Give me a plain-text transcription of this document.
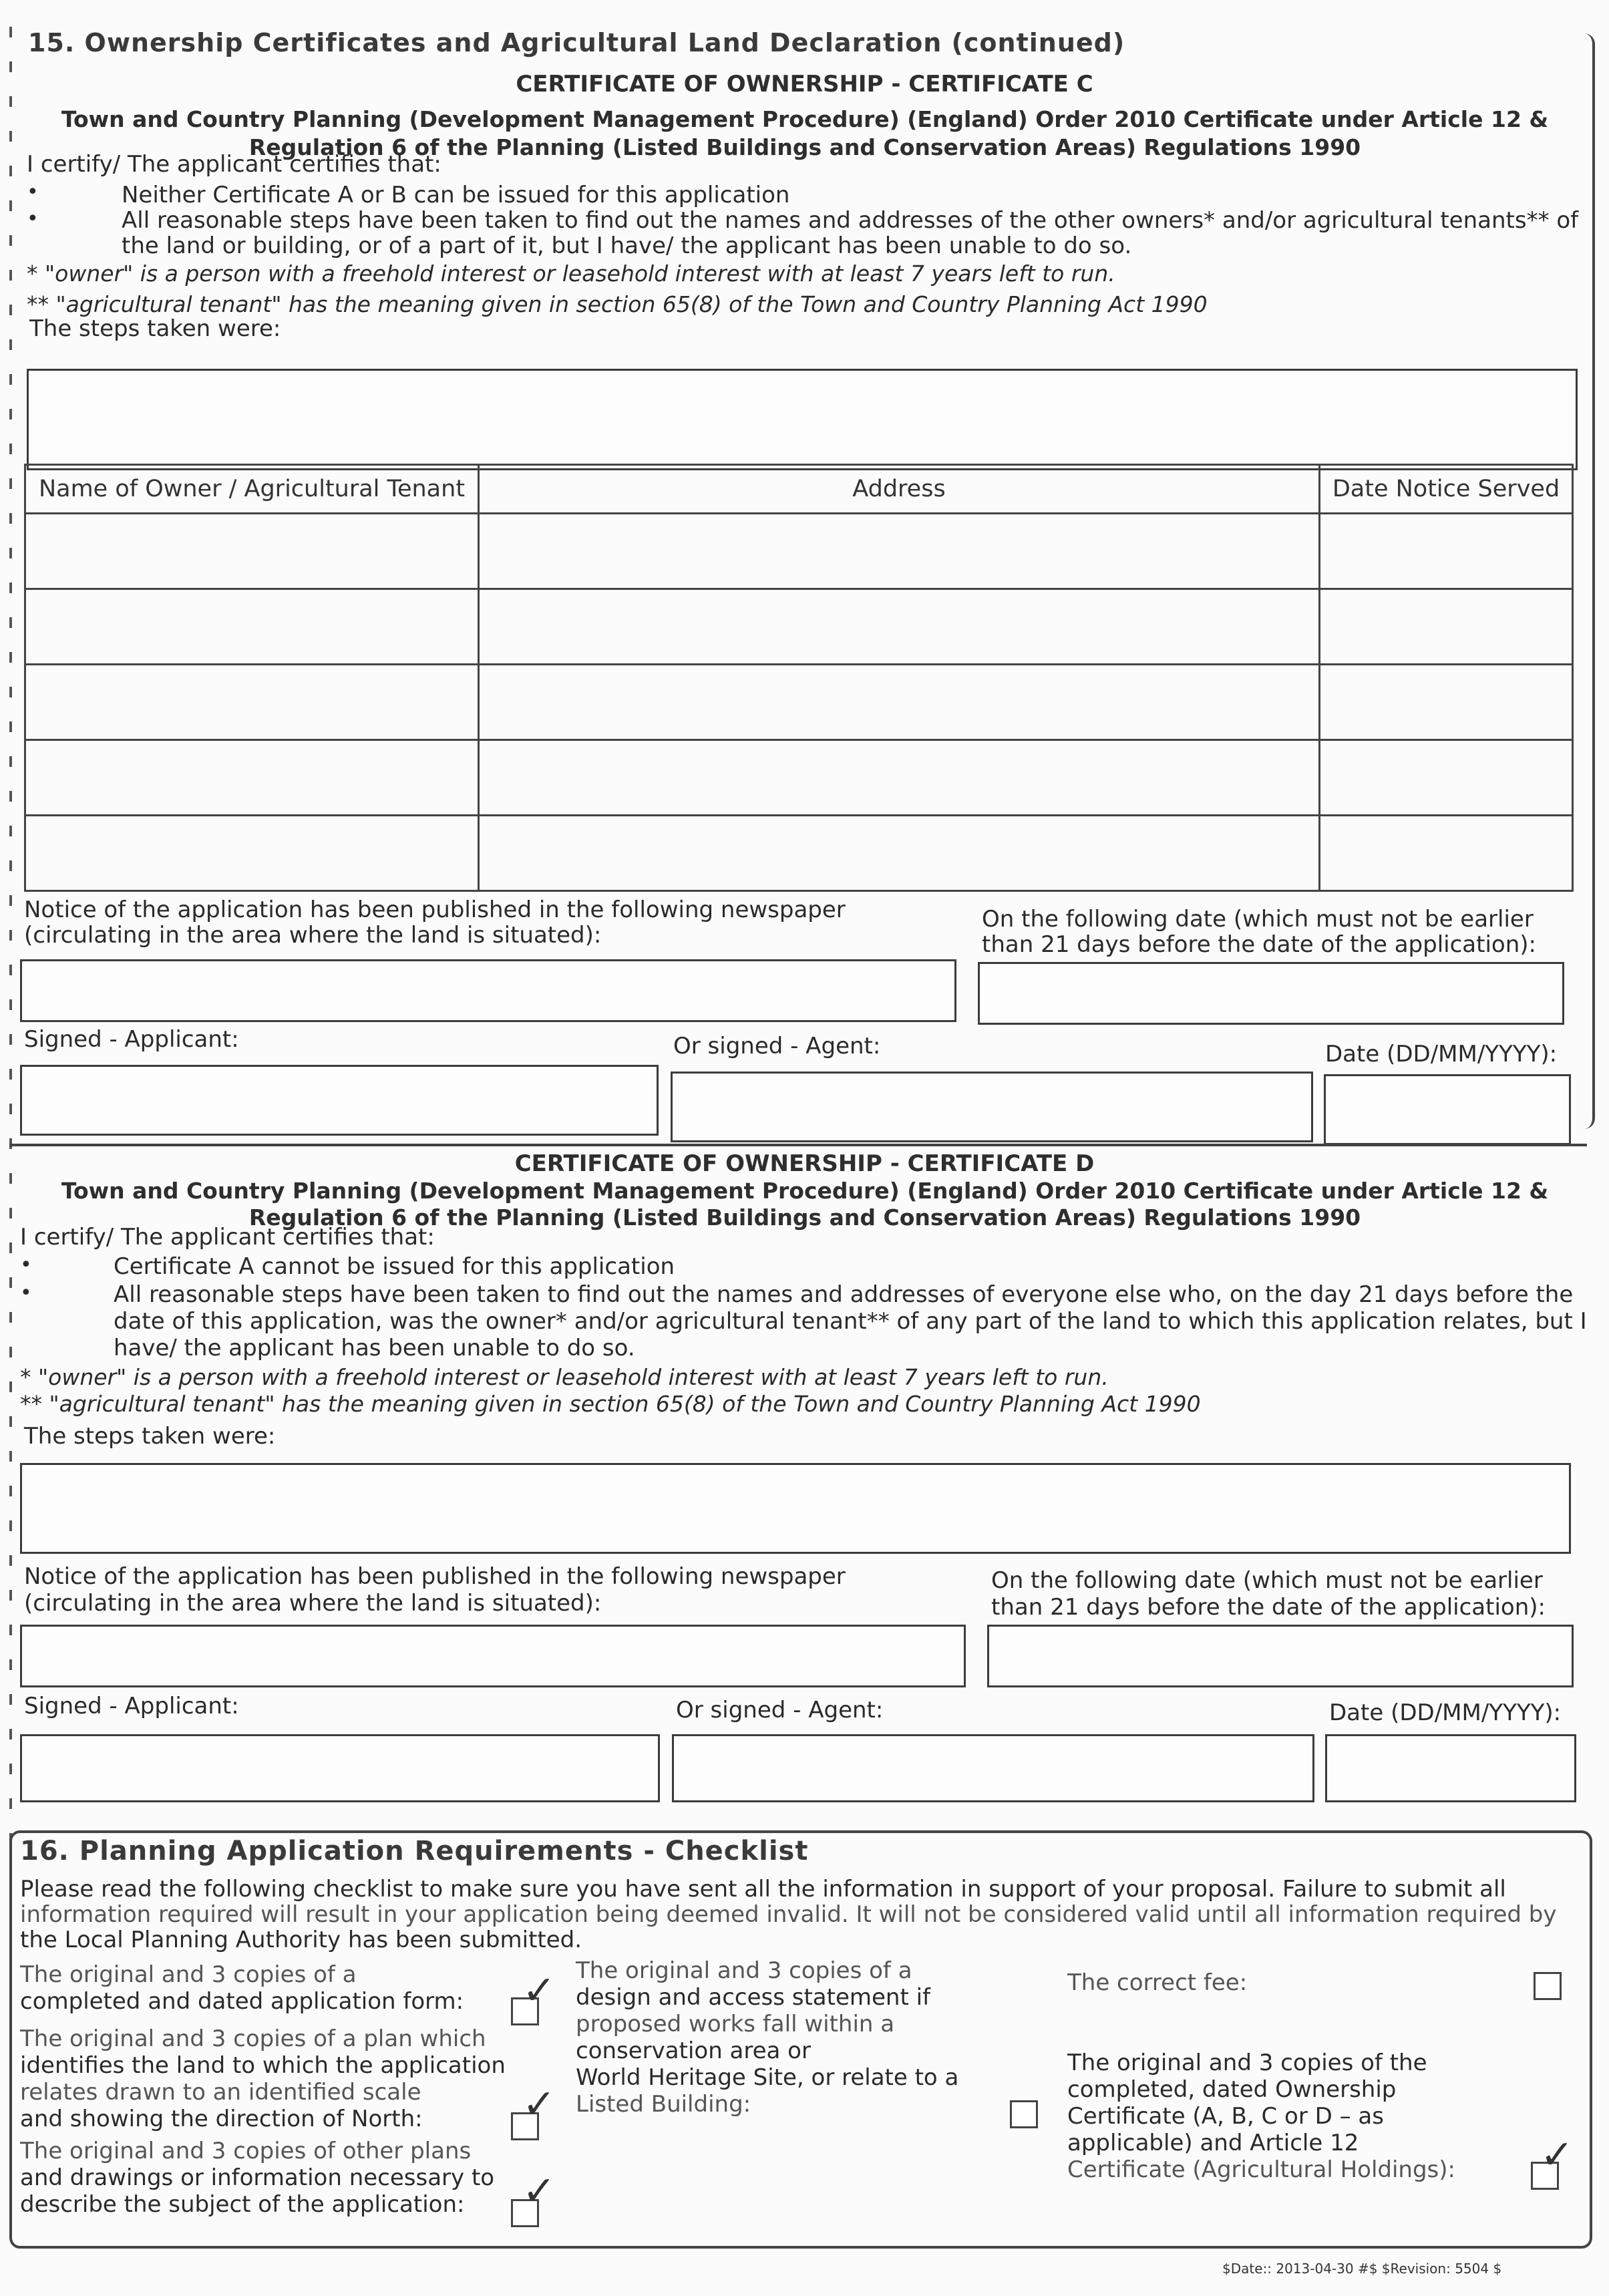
15. Ownership Certificates and Agricultural Land Declaration (continued)
CERTIFICATE OF OWNERSHIP - CERTIFICATE C
Town and Country Planning (Development Management Procedure) (England) Order 2010 Certificate under Article 12 &
Regulation 6 of the Planning (Listed Buildings and Conservation Areas) Regulations 1990
I certify/ The applicant certifies that:
•	Neither Certificate A or B can be issued for this application
•	All reasonable steps have been taken to find out the names and addresses of the other owners* and/or agricultural tenants** of
the land or building, or of a part of it, but I have/ the applicant has been unable to do so.
* "owner" is a person with a freehold interest or leasehold interest with at least 7 years left to run.
** "agricultural tenant" has the meaning given in section 65(8) of the Town and Country Planning Act 1990
The steps taken were:
Name of Owner / Agricultural Tenant	Address	Date Notice Served

Notice of the application has been published in the following newspaper
(circulating in the area where the land is situated):
On the following date (which must not be earlier
than 21 days before the date of the application):
Signed - Applicant:	Or signed - Agent:	Date (DD/MM/YYYY):
CERTIFICATE OF OWNERSHIP - CERTIFICATE D
Town and Country Planning (Development Management Procedure) (England) Order 2010 Certificate under Article 12 &
Regulation 6 of the Planning (Listed Buildings and Conservation Areas) Regulations 1990
I certify/ The applicant certifies that:
•	Certificate A cannot be issued for this application
•	All reasonable steps have been taken to find out the names and addresses of everyone else who, on the day 21 days before the
date of this application, was the owner* and/or agricultural tenant** of any part of the land to which this application relates, but I
have/ the applicant has been unable to do so.
* "owner" is a person with a freehold interest or leasehold interest with at least 7 years left to run.
** "agricultural tenant" has the meaning given in section 65(8) of the Town and Country Planning Act 1990
The steps taken were:
Notice of the application has been published in the following newspaper
(circulating in the area where the land is situated):
On the following date (which must not be earlier
than 21 days before the date of the application):
Signed - Applicant:	Or signed - Agent:	Date (DD/MM/YYYY):
16. Planning Application Requirements - Checklist
Please read the following checklist to make sure you have sent all the information in support of your proposal. Failure to submit all
information required will result in your application being deemed invalid. It will not be considered valid until all information required by
the Local Planning Authority has been submitted.
The original and 3 copies of a
completed and dated application form: ✓
The original and 3 copies of a plan which
identifies the land to which the application
relates drawn to an identified scale
and showing the direction of North:	✓
The original and 3 copies of other plans
and drawings or information necessary to
describe the subject of the application:	✓
The original and 3 copies of a
design and access statement if
proposed works fall within a
conservation area or
World Heritage Site, or relate to a
Listed Building:
The correct fee:
The original and 3 copies of the
completed, dated Ownership
Certificate (A, B, C or D – as
applicable) and Article 12
Certificate (Agricultural Holdings): ✓
$Date:: 2013-04-30 #$ $Revision: 5504 $
